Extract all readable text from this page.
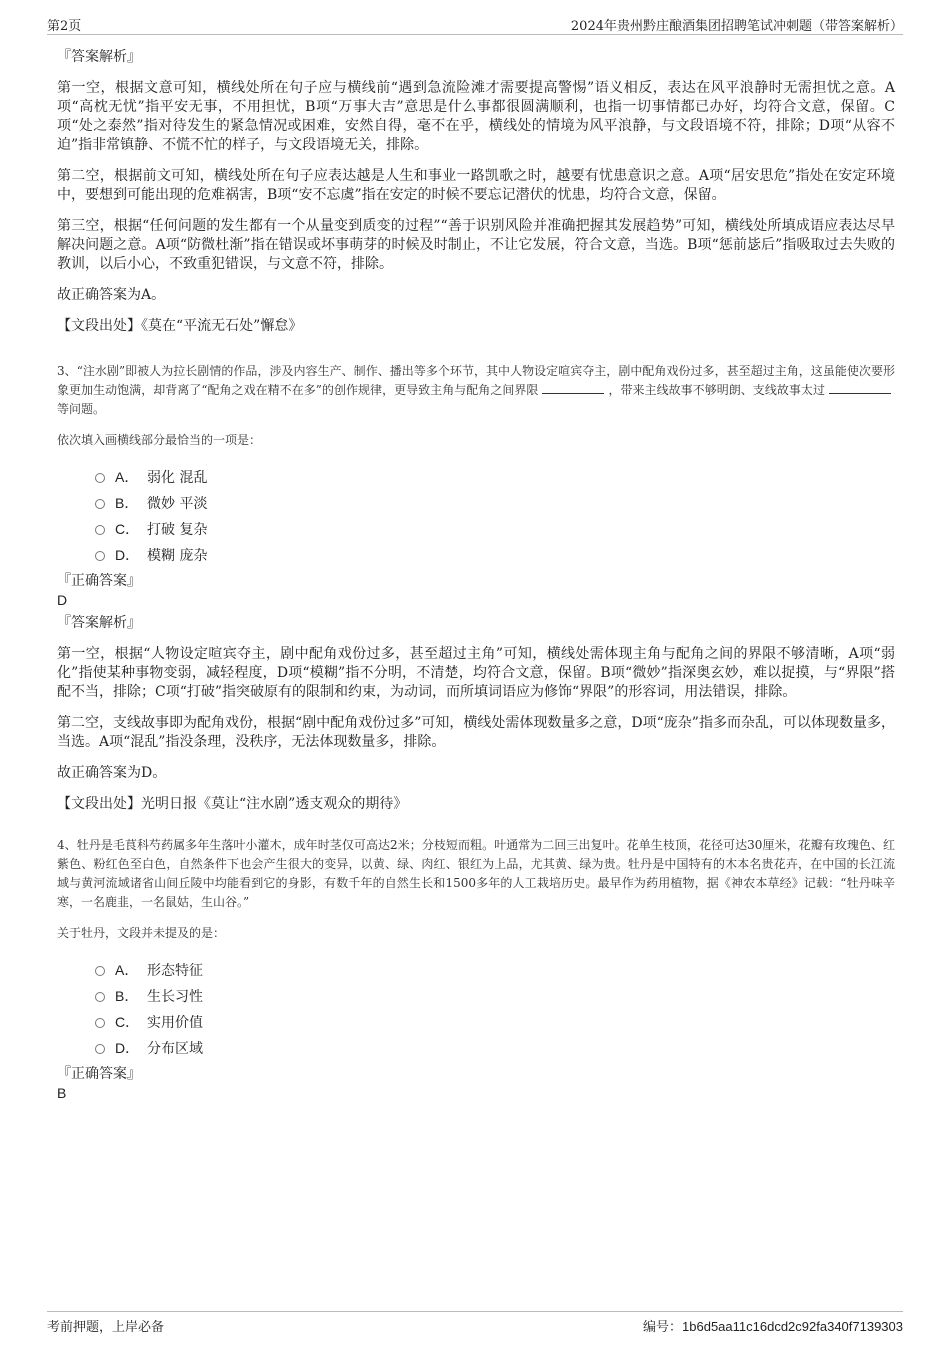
第2页	2024年贵州黔庄酿酒集团招聘笔试冲刺题（带答案解析）

『答案解析』

第一空，根据文意可知，横线处所在句子应与横线前“遇到急流险滩才需要提高警惕”语义相反，表达在风平浪静时无需担忧之意。A项“高枕无忧”指平安无事，不用担忧，B项“万事大吉”意思是什么事都很圆满顺利，也指一切事情都已办好，均符合文意，保留。C项“处之泰然”指对待发生的紧急情况或困难，安然自得，毫不在乎，横线处的情境为风平浪静，与文段语境不符，排除；D项“从容不迫”指非常镇静、不慌不忙的样子，与文段语境无关，排除。

第二空，根据前文可知，横线处所在句子应表达越是人生和事业一路凯歌之时，越要有忧患意识之意。A项“居安思危”指处在安定环境中，要想到可能出现的危难祸害，B项“安不忘虞”指在安定的时候不要忘记潜伏的忧患，均符合文意，保留。

第三空，根据“任何问题的发生都有一个从量变到质变的过程”“善于识别风险并准确把握其发展趋势”可知，横线处所填成语应表达尽早解决问题之意。A项“防微杜渐”指在错误或坏事萌芽的时候及时制止，不让它发展，符合文意，当选。B项“惩前毖后”指吸取过去失败的教训，以后小心，不致重犯错误，与文意不符，排除。

故正确答案为A。

【文段出处】《莫在“平流无石处”懈怠》

3、“注水剧”即被人为拉长剧情的作品，涉及内容生产、制作、播出等多个环节，其中人物设定喧宾夺主，剧中配角戏份过多，甚至超过主角，这虽能使次要形象更加生动饱满，却背离了“配角之戏在精不在多”的创作规律，更导致主角与配角之间界限	，带来主线故事不够明朗、支线故事太过等问题。

依次填入画横线部分最恰当的一项是：

A． 弱化 混乱
B． 微妙 平淡
C． 打破 复杂
D． 模糊 庞杂

『正确答案』

D

『答案解析』

第一空，根据“人物设定喧宾夺主，剧中配角戏份过多，甚至超过主角”可知，横线处需体现主角与配角之间的界限不够清晰，A项“弱化”指使某种事物变弱，减轻程度，D项“模糊”指不分明，不清楚，均符合文意，保留。B项“微妙”指深奥玄妙，难以捉摸，与“界限”搭配不当，排除；C项“打破”指突破原有的限制和约束，为动词，而所填词语应为修饰“界限”的形容词，用法错误，排除。

第二空，支线故事即为配角戏份，根据“剧中配角戏份过多”可知，横线处需体现数量多之意，D项“庞杂”指多而杂乱，可以体现数量多，当选。A项“混乱”指没条理，没秩序，无法体现数量多，排除。

故正确答案为D。

【文段出处】光明日报《莫让“注水剧”透支观众的期待》

4、牡丹是毛茛科芍药属多年生落叶小灌木，成年时茎仅可高达2米；分枝短而粗。叶通常为二回三出复叶。花单生枝顶，花径可达30厘米，花瓣有玫瑰色、红紫色、粉红色至白色，自然条件下也会产生很大的变异，以黄、绿、肉红、银红为上品，尤其黄、绿为贵。牡丹是中国特有的木本名贵花卉，在中国的长江流域与黄河流域诸省山间丘陵中均能看到它的身影，有数千年的自然生长和1500多年的人工栽培历史。最早作为药用植物，据《神农本草经》记载：“牡丹味辛寒，一名鹿韭，一名鼠姑，生山谷。”

关于牡丹，文段并未提及的是：

A． 形态特征
B． 生长习性
C． 实用价值
D． 分布区域

『正确答案』

B

考前押题，上岸必备	编号：1b6d5aa11c16dcd2c92fa340f7139303
